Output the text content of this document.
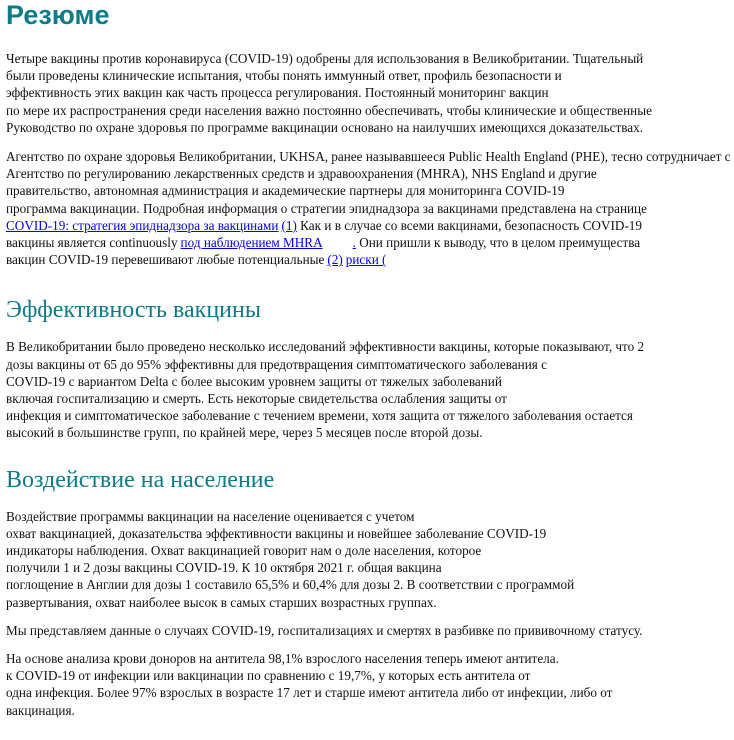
Резюме

Четыре вакцины против коронавируса (COVID-19) одобрены для использования в Великобритании. Тщательный
были проведены клинические испытания, чтобы понять иммунный ответ, профиль безопасности и
эффективность этих вакцин как часть процесса регулирования. Постоянный мониторинг вакцин
по мере их распространения среди населения важно постоянно обеспечивать, чтобы клинические и общественные
Руководство по охране здоровья по программе вакцинации основано на наилучших имеющихся доказательствах.

Агентство по охране здоровья Великобритании, UKHSA, ранее называвшееся Public Health England (PHE), тесно сотрудничает с
Агентство по регулированию лекарственных средств и здравоохранения (MHRA), NHS England и другие
правительство, автономная администрация и академические партнеры для мониторинга COVID-19
программа вакцинации. Подробная информация о стратегии эпиднадзора за вакцинами представлена на странице
COVID-19: стратегия эпиднадзора за вакцинами (1) Как и в случае со всеми вакцинами, безопасность COVID-19
вакцины является continuously под наблюдением MHRA . Они пришли к выводу, что в целом преимущества
вакцин COVID-19 перевешивают любые потенциальные (2) риски (

Эффективность вакцины

В Великобритании было проведено несколько исследований эффективности вакцины, которые показывают, что 2
дозы вакцины от 65 до 95% эффективны для предотвращения симптоматического заболевания с
COVID-19 с вариантом Delta с более высоким уровнем защиты от тяжелых заболеваний
включая госпитализацию и смерть. Есть некоторые свидетельства ослабления защиты от
инфекция и симптоматическое заболевание с течением времени, хотя защита от тяжелого заболевания остается
высокий в большинстве групп, по крайней мере, через 5 месяцев после второй дозы.

Воздействие на население

Воздействие программы вакцинации на население оценивается с учетом
охват вакцинацией, доказательства эффективности вакцины и новейшее заболевание COVID-19
индикаторы наблюдения. Охват вакцинацией говорит нам о доле населения, которое
получили 1 и 2 дозы вакцины COVID-19. К 10 октября 2021 г. общая вакцина
поглощение в Англии для дозы 1 составило 65,5% и 60,4% для дозы 2. В соответствии с программой
развертывания, охват наиболее высок в самых старших возрастных группах.

Мы представляем данные о случаях COVID-19, госпитализациях и смертях в разбивке по прививочному статусу.

На основе анализа крови доноров на антитела 98,1% взрослого населения теперь имеют антитела.
к COVID-19 от инфекции или вакцинации по сравнению с 19,7%, у которых есть антитела от
одна инфекция. Более 97% взрослых в возрасте 17 лет и старше имеют антитела либо от инфекции, либо от
вакцинация.
